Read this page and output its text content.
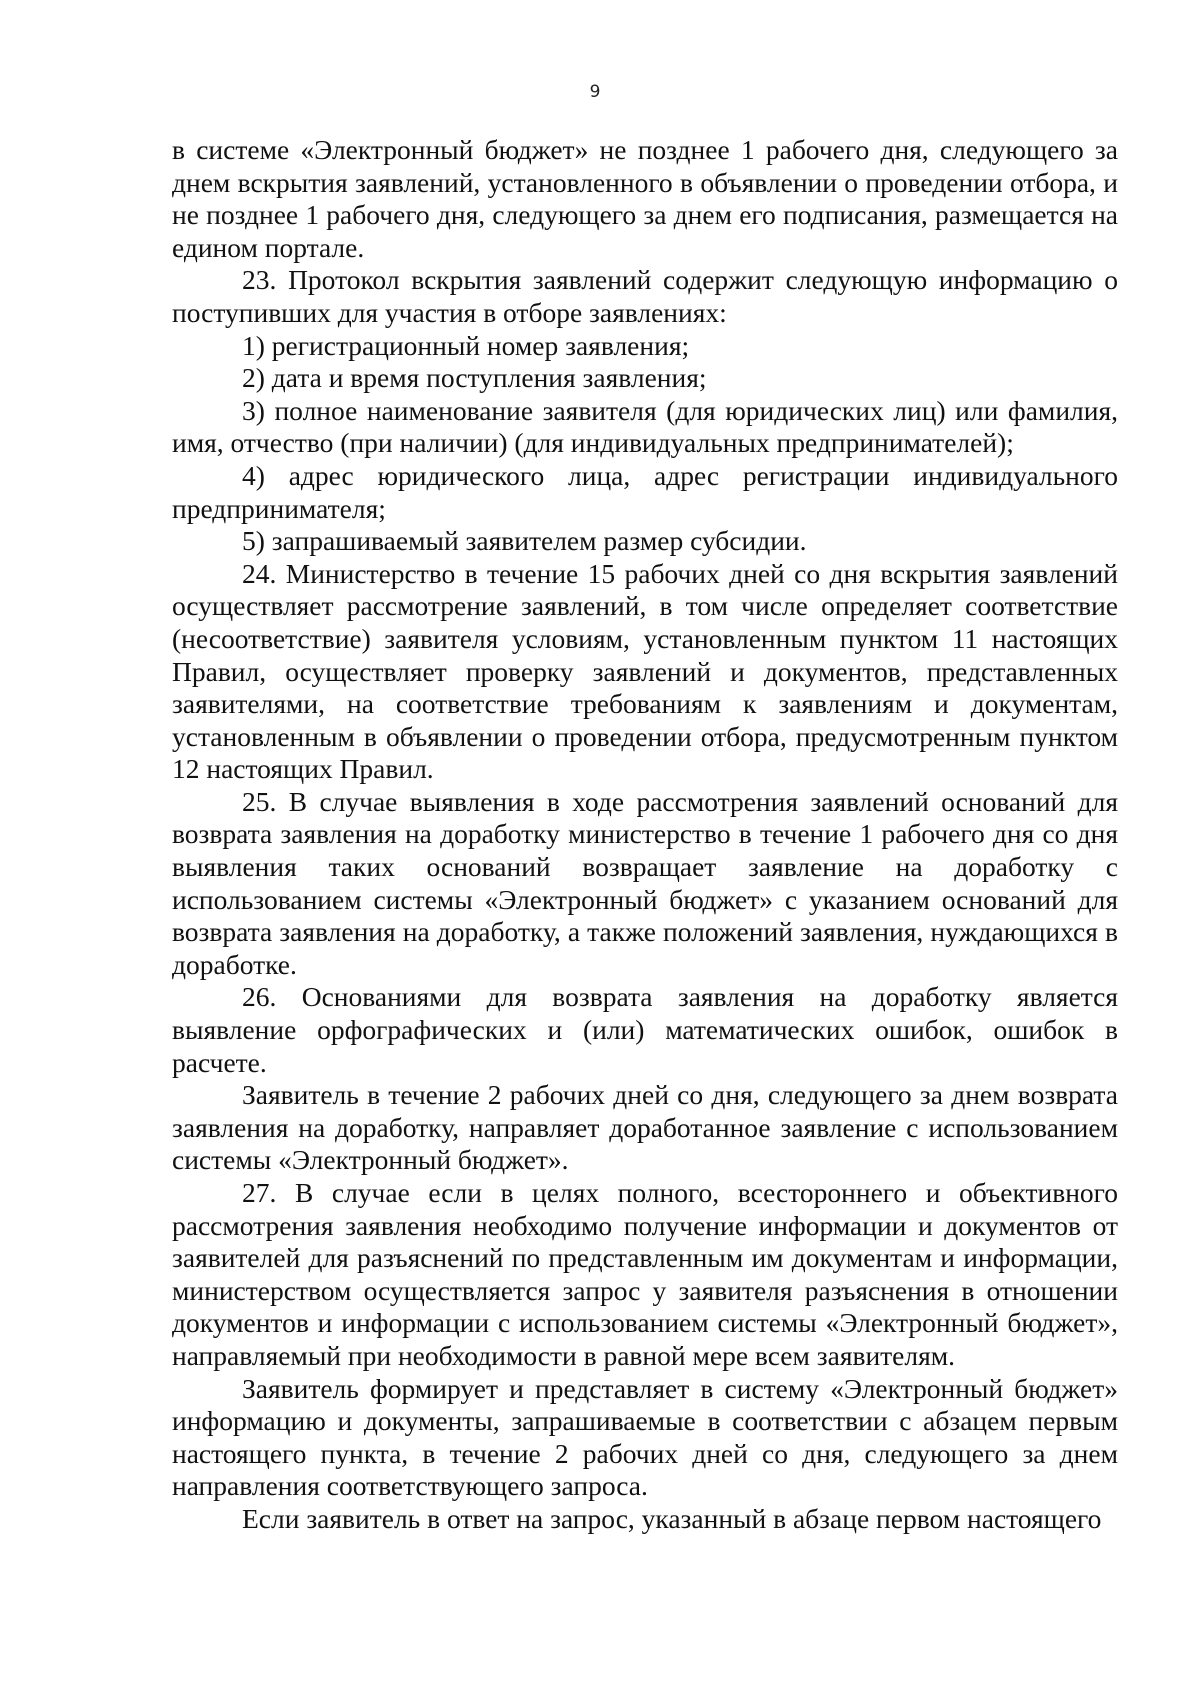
9

в системе «Электронный бюджет» не позднее 1 рабочего дня, следующего за днем вскрытия заявлений, установленного в объявлении о проведении отбора, и не позднее 1 рабочего дня, следующего за днем его подписания, размещается на едином портале.

23. Протокол вскрытия заявлений содержит следующую информацию о поступивших для участия в отборе заявлениях:

1) регистрационный номер заявления;

2) дата и время поступления заявления;

3) полное наименование заявителя (для юридических лиц) или фамилия, имя, отчество (при наличии) (для индивидуальных предпринимателей);

4) адрес юридического лица, адрес регистрации индивидуального предпринимателя;

5) запрашиваемый заявителем размер субсидии.

24. Министерство в течение 15 рабочих дней со дня вскрытия заявлений осуществляет рассмотрение заявлений, в том числе определяет соответствие (несоответствие) заявителя условиям, установленным пунктом 11 настоящих Правил, осуществляет проверку заявлений и документов, представленных заявителями, на соответствие требованиям к заявлениям и документам, установленным в объявлении о проведении отбора, предусмотренным пунктом 12 настоящих Правил.

25. В случае выявления в ходе рассмотрения заявлений оснований для возврата заявления на доработку министерство в течение 1 рабочего дня со дня выявления таких оснований возвращает заявление на доработку с использованием системы «Электронный бюджет» с указанием оснований для возврата заявления на доработку, а также положений заявления, нуждающихся в доработке.

26. Основаниями для возврата заявления на доработку является выявление орфографических и (или) математических ошибок, ошибок в расчете.

Заявитель в течение 2 рабочих дней со дня, следующего за днем возврата заявления на доработку, направляет доработанное заявление с использованием системы «Электронный бюджет».

27. В случае если в целях полного, всестороннего и объективного рассмотрения заявления необходимо получение информации и документов от заявителей для разъяснений по представленным им документам и информации, министерством осуществляется запрос у заявителя разъяснения в отношении документов и информации с использованием системы «Электронный бюджет», направляемый при необходимости в равной мере всем заявителям.

Заявитель формирует и представляет в систему «Электронный бюджет» информацию и документы, запрашиваемые в соответствии с абзацем первым настоящего пункта, в течение 2 рабочих дней со дня, следующего за днем направления соответствующего запроса.

Если заявитель в ответ на запрос, указанный в абзаце первом настоящего
